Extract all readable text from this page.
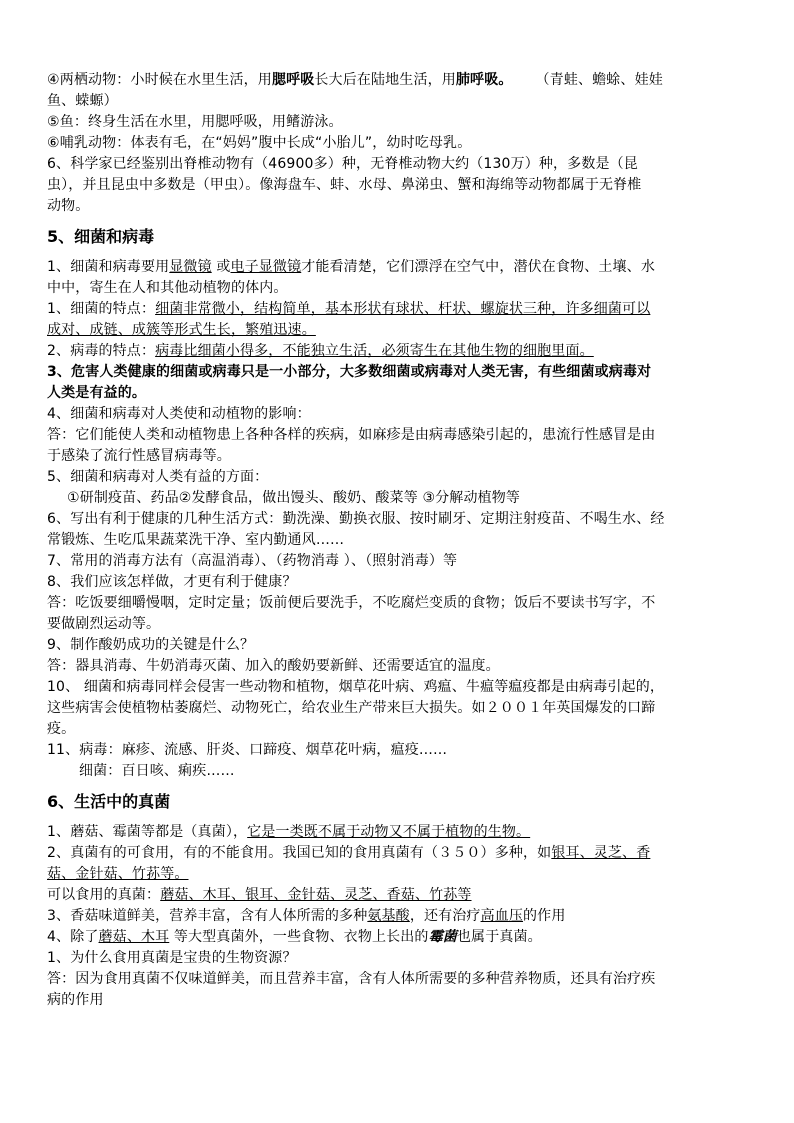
④两栖动物：小时候在水里生活，用腮呼吸长大后在陆地生活，用肺呼吸。 （青蛙、蟾蜍、娃娃
鱼、蝾螈）
⑤鱼：终身生活在水里，用腮呼吸，用鳍游泳。
⑥哺乳动物：体表有毛，在“妈妈”腹中长成“小胎儿”，幼时吃母乳。
6、科学家已经鉴别出脊椎动物有（46900多）种，无脊椎动物大约（130万）种，多数是（昆
虫），并且昆虫中多数是（甲虫）。像海盘车、蚌、水母、鼻涕虫、蟹和海绵等动物都属于无脊椎
动物。
5、细菌和病毒
1、细菌和病毒要用显微镜 或电子显微镜才能看清楚，它们漂浮在空气中，潜伏在食物、土壤、水
中中，寄生在人和其他动植物的体内。
1、细菌的特点：细菌非常微小，结构简单，基本形状有球状、杆状、螺旋状三种，许多细菌可以
成对、成链、成簇等形式生长，繁殖迅速。
2、病毒的特点：病毒比细菌小得多，不能独立生活，必须寄生在其他生物的细胞里面。
3、危害人类健康的细菌或病毒只是一小部分，大多数细菌或病毒对人类无害，有些细菌或病毒对
人类是有益的。
4、细菌和病毒对人类使和动植物的影响：
答：它们能使人类和动植物患上各种各样的疾病，如麻疹是由病毒感染引起的，患流行性感冒是由
于感染了流行性感冒病毒等。
5、细菌和病毒对人类有益的方面：
①研制疫苗、药品②发酵食品，做出馒头、酸奶、酸菜等 ③分解动植物等
6、写出有利于健康的几种生活方式：勤洗澡、勤换衣服、按时刷牙、定期注射疫苗、不喝生水、经
常锻炼、生吃瓜果蔬菜洗干净、室内勤通风……
7、常用的消毒方法有（高温消毒）、（药物消毒 ）、（照射消毒）等
8、我们应该怎样做，才更有利于健康？
答：吃饭要细嚼慢咽，定时定量；饭前便后要洗手，不吃腐烂变质的食物；饭后不要读书写字，不
要做剧烈运动等。
9、制作酸奶成功的关键是什么？
答：器具消毒、牛奶消毒灭菌、加入的酸奶要新鲜、还需要适宜的温度。
10、 细菌和病毒同样会侵害一些动物和植物，烟草花叶病、鸡瘟、牛瘟等瘟疫都是由病毒引起的，
这些病害会使植物枯萎腐烂、动物死亡，给农业生产带来巨大损失。如２００１年英国爆发的口蹄
疫。
11、病毒：麻疹、流感、肝炎、口蹄疫、烟草花叶病，瘟疫……
细菌：百日咳、痢疾……
6、生活中的真菌
1、蘑菇、霉菌等都是（真菌），它是一类既不属于动物又不属于植物的生物。
2、真菌有的可食用，有的不能食用。我国已知的食用真菌有（３５０）多种，如银耳、灵芝、香
菇、金针菇、竹荪等。
可以食用的真菌：蘑菇、木耳、银耳、金针菇、灵芝、香菇、竹荪等
3、香菇味道鲜美，营养丰富，含有人体所需的多种氨基酸，还有治疗高血压的作用
4、除了蘑菇、木耳 等大型真菌外，一些食物、衣物上长出的霉菌也属于真菌。
1、为什么食用真菌是宝贵的生物资源？
答：因为食用真菌不仅味道鲜美，而且营养丰富，含有人体所需要的多种营养物质，还具有治疗疾
病的作用
